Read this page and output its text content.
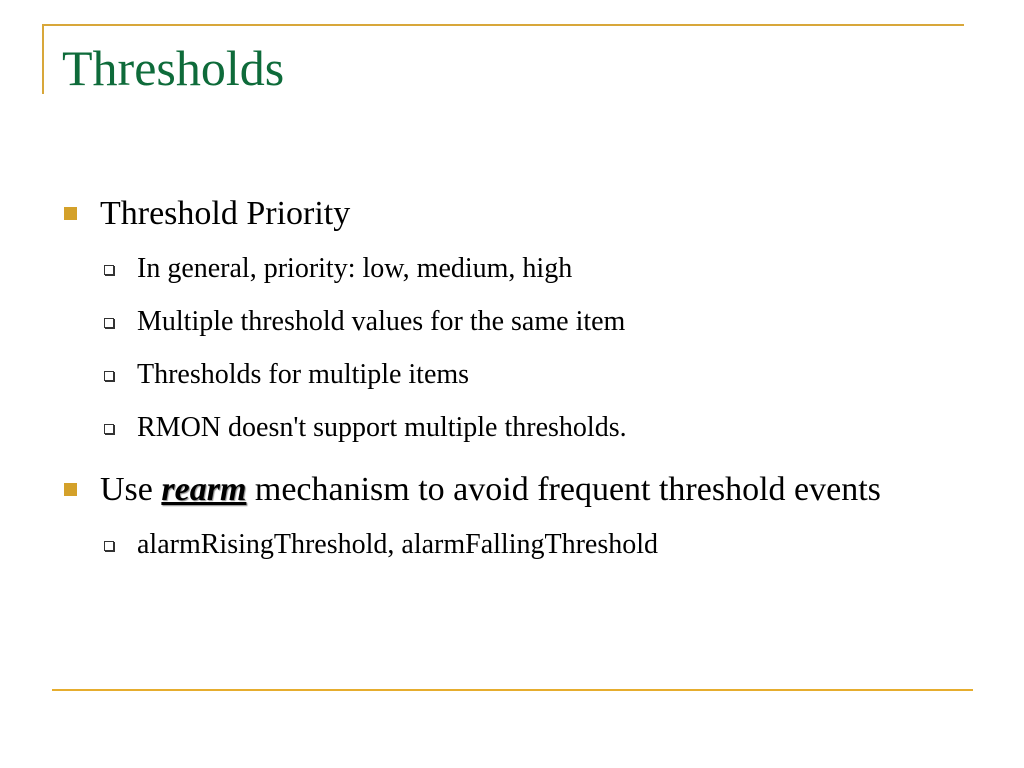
Thresholds
Threshold Priority
In general, priority: low, medium, high
Multiple threshold values for the same item
Thresholds for multiple items
RMON doesn't support multiple thresholds.
Use rearm mechanism to avoid frequent threshold events
alarmRisingThreshold, alarmFallingThreshold
